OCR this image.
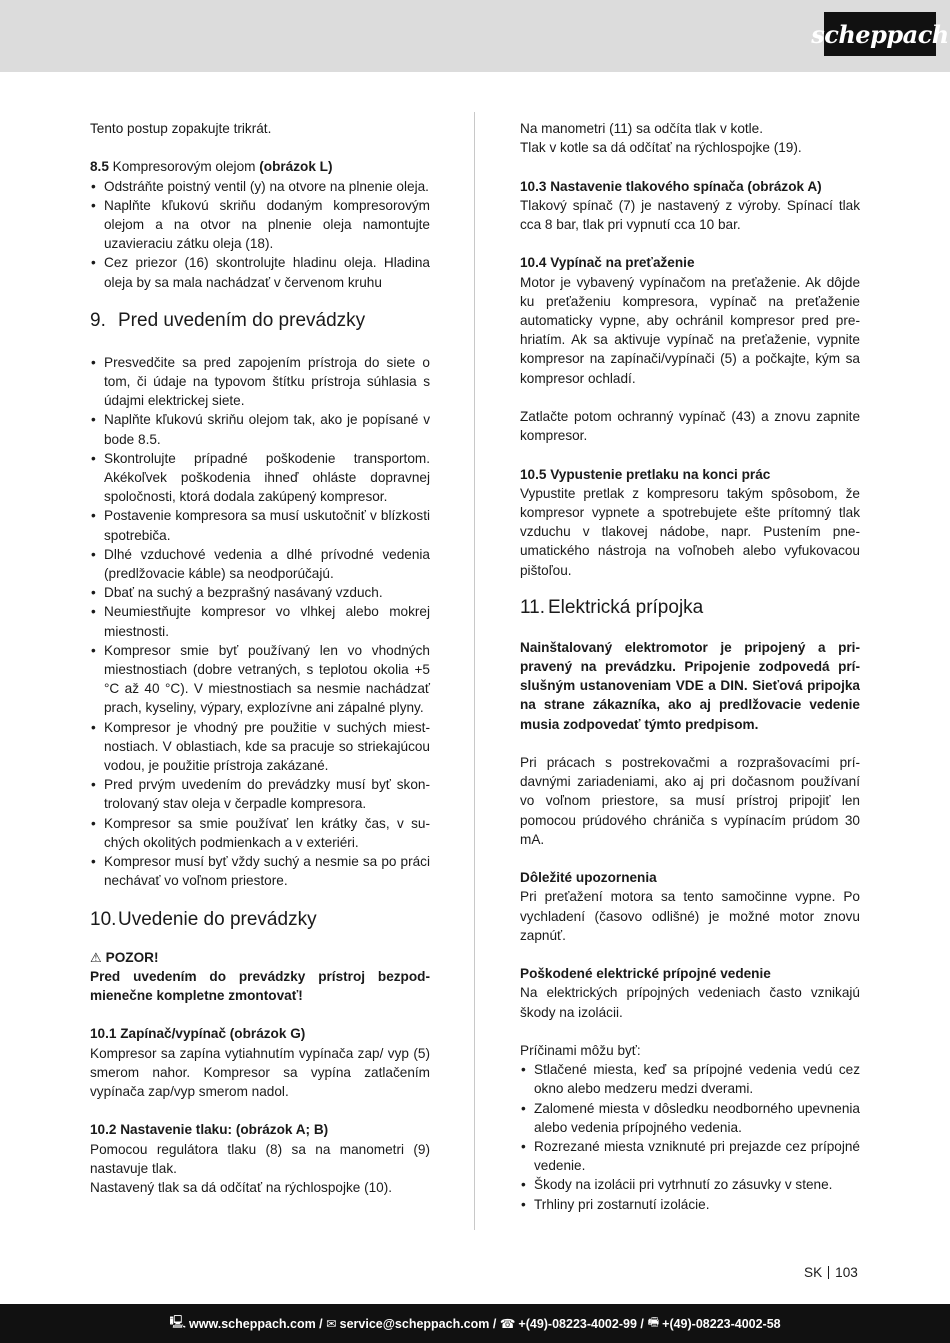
scheppach

Tento postup zopakujte trikrát.

8.5 Kompresorovým olejom (obrázok L)

• Odstráňte poistný ventil (y) na otvore na plnenie oleja.
• Naplňte kľukovú skriňu dodaným kompresorovým olejom a na otvor na plnenie oleja namontujte uzavieraciu zátku oleja (18).
• Cez priezor (16) skontrolujte hladinu oleja. Hladina oleja by sa mala nachádzať v červenom kruhu
9. Pred uvedením do prevádzky
• Presvedčite sa pred zapojením prístroja do siete o tom, či údaje na typovom štítku prístroja súhlasia s údajmi elektrickej siete.
• Naplňte kľukovú skriňu olejom tak, ako je popísané v bode 8.5.
• Skontrolujte prípadné poškodenie transportom. Akékoľvek poškodenia ihneď ohláste dopravnej spoločnosti, ktorá dodala zakúpený kompresor.
• Postavenie kompresora sa musí uskutočniť v blízkosti spotrebiča.
• Dlhé vzduchové vedenia a dlhé prívodné vedenia (predlžovacie káble) sa neodporúčajú.
• Dbať na suchý a bezprašný nasávaný vzduch.
• Neumiestňujte kompresor vo vlhkej alebo mokrej miestnosti.
• Kompresor smie byť používaný len vo vhodných miestnostiach (dobre vetraných, s teplotou okolia +5 °C až 40 °C). V miestnostiach sa nesmie nachádzať prach, kyseliny, výpary, explozívne ani zápalné plyny.
• Kompresor je vhodný pre použitie v suchých miestnostiach. V oblastiach, kde sa pracuje so striekajúcou vodou, je použitie prístroja zakázané.
• Pred prvým uvedením do prevádzky musí byť skontrolovaný stav oleja v čerpadle kompresora.
• Kompresor sa smie používať len krátky čas, v suchých okolitých podmienkach a v exteriéri.
• Kompresor musí byť vždy suchý a nesmie sa po práci nechávať vo voľnom priestore.
10. Uvedenie do prevádzky

⚠ POZOR!

Pred uvedením do prevádzky prístroj bezpodmienečne kompletne zmontovať!

10.1 Zapínač/vypínač (obrázok G)

Kompresor sa zapína vytiahnutím vypínača zap/ vyp (5) smerom nahor. Kompresor sa vypína zatlačením vypínača zap/vyp smerom nadol.

10.2 Nastavenie tlaku: (obrázok A; B)

Pomocou regulátora tlaku (8) sa na manometri (9) nastavuje tlak.

Nastavený tlak sa dá odčítať na rýchlospojke (10).

Na manometri (11) sa odčíta tlak v kotle.

Tlak v kotle sa dá odčítať na rýchlospojke (19).

10.3 Nastavenie tlakového spínača (obrázok A)

Tlakový spínač (7) je nastavený z výroby. Spínací tlak cca 8 bar, tlak pri vypnutí cca 10 bar.

10.4 Vypínač na preťaženie

Motor je vybavený vypínačom na preťaženie. Ak dôjde ku preťaženiu kompresora, vypínač na preťaženie automaticky vypne, aby ochránil kompresor pred prehriatím. Ak sa aktivuje vypínač na preťaženie, vypnite kompresor na zapínači/vypínači (5) a počkajte, kým sa kompresor ochladí.

Zatlačte potom ochranný vypínač (43) a znovu zapnite kompresor.

10.5 Vypustenie pretlaku na konci prác

Vypustite pretlak z kompresoru takým spôsobom, že kompresor vypnete a spotrebujete ešte prítomný tlak vzduchu v tlakovej nádobe, napr. Pustením pneumatického nástroja na voľnobeh alebo vyfukovacou pištoľou.

11. Elektrická prípojka

Nainštalovaný elektromotor je pripojený a pripravený na prevádzku. Pripojenie zodpovedá príslušným ustanoveniam VDE a DIN. Sieťová pripojka na strane zákazníka, ako aj predlžovacie vedenie musia zodpovedať týmto predpisom.

Pri prácach s postrekovačmi a rozprašovacími prídavnými zariadeniami, ako aj pri dočasnom používaní vo voľnom priestore, sa musí prístroj pripojiť len pomocou prúdového chrániča s vypínacím prúdom 30 mA.

Dôležité upozornenia

Pri preťažení motora sa tento samočinne vypne. Po vychladení (časovo odlišné) je možné motor znovu zapnúť.

Poškodené elektrické prípojné vedenie

Na elektrických prípojných vedeniach často vznikajú škody na izolácii.

Príčinami môžu byť:

• Stlačené miesta, keď sa prípojné vedenia vedú cez okno alebo medzeru medzi dverami.
• Zalomené miesta v dôsledku neodborného upevnenia alebo vedenia prípojného vedenia.
• Rozrezané miesta vzniknuté pri prejazde cez prípojné vedenie.
• Škody na izolácii pri vytrhnutí zo zásuvky v stene.
• Trhliny pri zostarnutí izolácie.
SK 103
🖳 www.scheppach.com /
✉ service@scheppach.com /
☎ +(49)-08223-4002-99 /
🖷 +(49)-08223-4002-58
